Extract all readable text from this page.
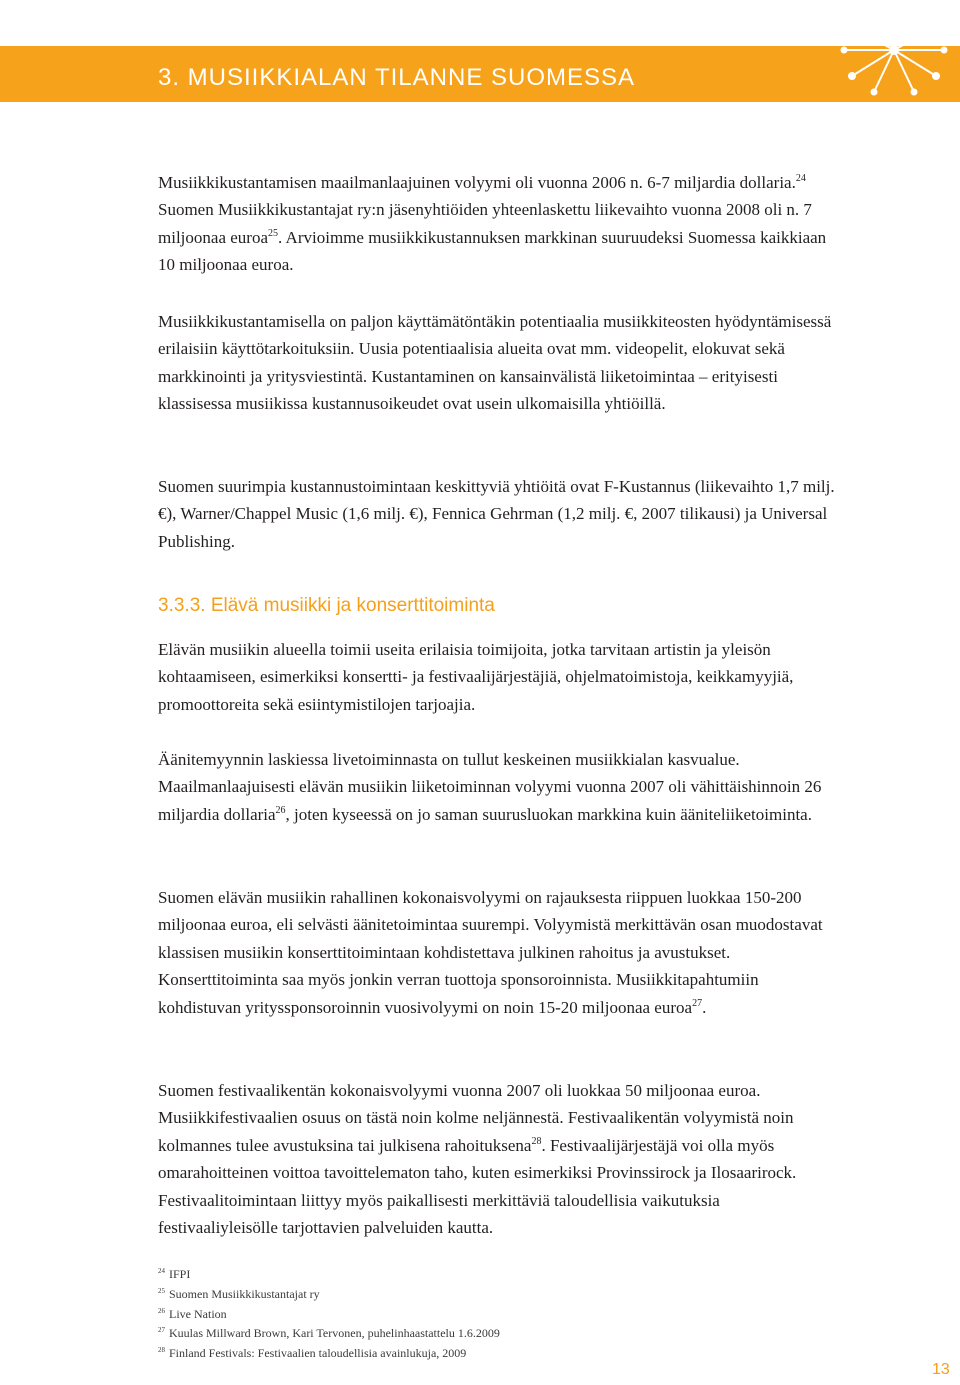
3. MUSIIKKIALAN TILANNE SUOMESSA

Musiikkikustantamisen maailmanlaajuinen volyymi oli vuonna 2006 n. 6-7 miljardia dollaria.$^{24}$ Suomen Musiikkikustantajat ry:n jäsenyhtiöiden yhteenlaskettu liikevaihto vuonna 2008 oli n. 7 miljoonaa euroa$^{25}$. Arvioimme musiikkikustannuksen markkinan suuruudeksi Suomessa kaikkiaan 10 miljoonaa euroa.

Musiikkikustantamisella on paljon käyttämätöntäkin potentiaalia musiikkiteosten hyödyntämisessä erilaisiin käyttötarkoituksiin. Uusia potentiaalisia alueita ovat mm. videopelit, elokuvat sekä markkinointi ja yritysviestintä. Kustantaminen on kansainvälistä liiketoimintaa – erityisesti klassisessa musiikissa kustannusoikeudet ovat usein ulkomaisilla yhtiöillä.

Suomen suurimpia kustannustoimintaan keskittyviä yhtiöitä ovat F-Kustannus (liikevaihto 1,7 milj. €), Warner/Chappel Music (1,6 milj. €), Fennica Gehrman (1,2 milj. €, 2007 tilikausi) ja Universal Publishing.

3.3.3. Elävä musiikki ja konserttitoiminta

Elävän musiikin alueella toimii useita erilaisia toimijoita, jotka tarvitaan artistin ja yleisön kohtaamiseen, esimerkiksi konsertti- ja festivaalijärjestäjiä, ohjelmatoimistoja, keikkamyyjiä, promoottoreita sekä esiintymistilojen tarjoajia.

Äänitemyynnin laskiessa livetoiminnasta on tullut keskeinen musiikkialan kasvualue. Maailmanlaajuisesti elävän musiikin liiketoiminnan volyymi vuonna 2007 oli vähittäishinnoin 26 miljardia dollaria$^{26}$, joten kyseessä on jo saman suurusluokan markkina kuin ääniteliiketoiminta.

Suomen elävän musiikin rahallinen kokonaisvolyymi on rajauksesta riippuen luokkaa 150-200 miljoonaa euroa, eli selvästi äänitetoimintaa suurempi. Volyymistä merkittävän osan muodostavat klassisen musiikin konserttitoimintaan kohdistettava julkinen rahoitus ja avustukset. Konserttitoiminta saa myös jonkin verran tuottoja sponsoroinnista. Musiikkitapahtumiin kohdistuvan yrityssponsoroinnin vuosivolyymi on noin 15-20 miljoonaa euroa$^{27}$.

Suomen festivaalikentän kokonaisvolyymi vuonna 2007 oli luokkaa 50 miljoonaa euroa. Musiikkifestivaalien osuus on tästä noin kolme neljännestä. Festivaalikentän volyymistä noin kolmannes tulee avustuksina tai julkisena rahoituksena$^{28}$. Festivaalijärjestäjä voi olla myös omarahoitteinen voittoa tavoittelematon taho, kuten esimerkiksi Provinssirock ja Ilosaarirock. Festivaalitoimintaan liittyy myös paikallisesti merkittäviä taloudellisia vaikutuksia festivaaliyleisölle tarjottavien palveluiden kautta.

$^{24}$ IFPI
$^{25}$ Suomen Musiikkikustantajat ry
$^{26}$ Live Nation
$^{27}$ Kuulas Millward Brown, Kari Tervonen, puhelinhaastattelu 1.6.2009
$^{28}$ Finland Festivals: Festivaalien taloudellisia avainlukuja, 2009
13
